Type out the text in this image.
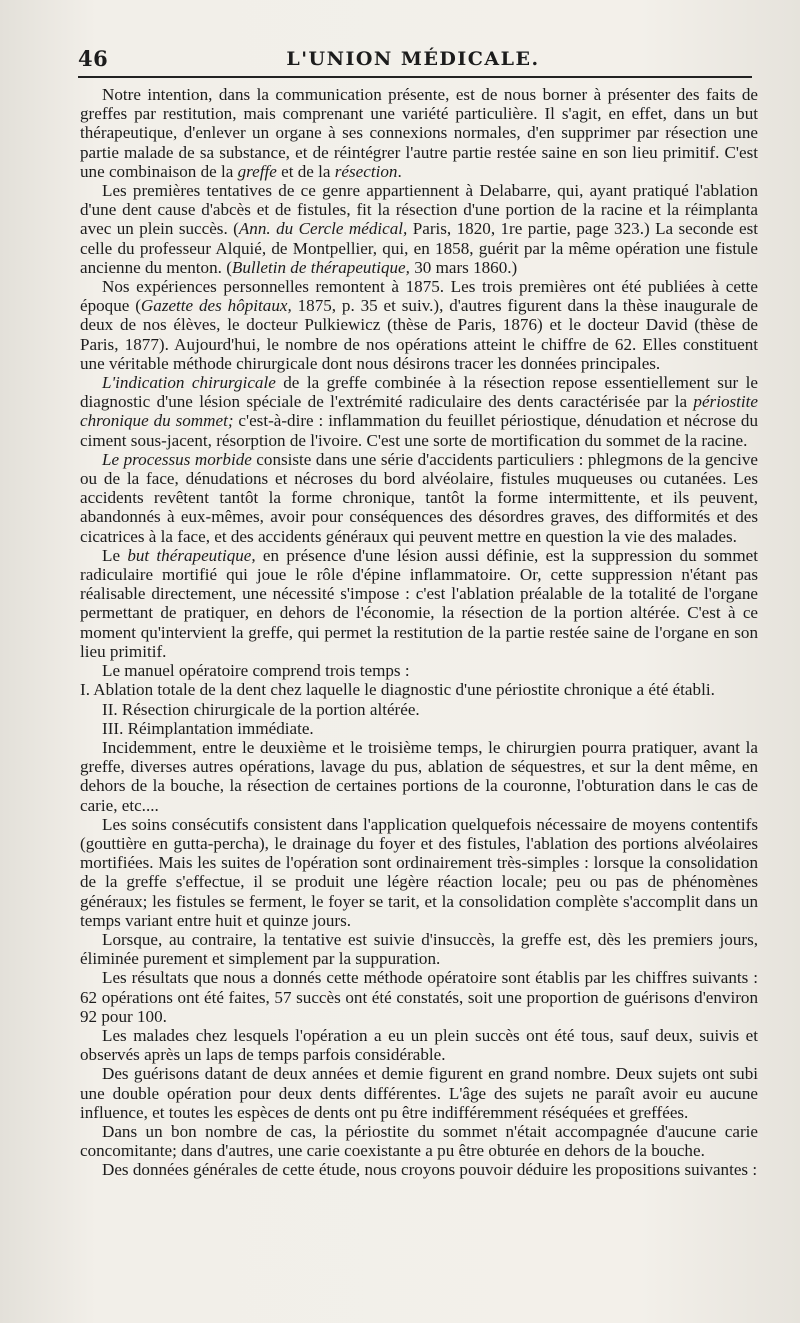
46	L'UNION MÉDICALE.

Notre intention, dans la communication présente, est de nous borner à présenter des faits de greffes par restitution, mais comprenant une variété particulière. Il s'agit, en effet, dans un but thérapeutique, d'enlever un organe à ses connexions normales, d'en supprimer par résection une partie malade de sa substance, et de réintégrer l'autre partie restée saine en son lieu primitif. C'est une combinaison de la greffe et de la résection.

Les premières tentatives de ce genre appartiennent à Delabarre, qui, ayant pratiqué l'ablation d'une dent cause d'abcès et de fistules, fit la résection d'une portion de la racine et la réimplanta avec un plein succès. (Ann. du Cercle médical, Paris, 1820, 1re partie, page 323.) La seconde est celle du professeur Alquié, de Montpellier, qui, en 1858, guérit par la même opération une fistule ancienne du menton. (Bulletin de thérapeutique, 30 mars 1860.)

Nos expériences personnelles remontent à 1875. Les trois premières ont été publiées à cette époque (Gazette des hôpitaux, 1875, p. 35 et suiv.), d'autres figurent dans la thèse inaugurale de deux de nos élèves, le docteur Pulkiewicz (thèse de Paris, 1876) et le docteur David (thèse de Paris, 1877). Aujourd'hui, le nombre de nos opérations atteint le chiffre de 62. Elles constituent une véritable méthode chirurgicale dont nous désirons tracer les données principales.

L'indication chirurgicale de la greffe combinée à la résection repose essentiellement sur le diagnostic d'une lésion spéciale de l'extrémité radiculaire des dents caractérisée par la périostite chronique du sommet; c'est-à-dire : inflammation du feuillet périostique, dénudation et nécrose du ciment sous-jacent, résorption de l'ivoire. C'est une sorte de mortification du sommet de la racine.

Le processus morbide consiste dans une série d'accidents particuliers : phlegmons de la gencive ou de la face, dénudations et nécroses du bord alvéolaire, fistules muqueuses ou cutanées. Les accidents revêtent tantôt la forme chronique, tantôt la forme intermittente, et ils peuvent, abandonnés à eux-mêmes, avoir pour conséquences des désordres graves, des difformités et des cicatrices à la face, et des accidents généraux qui peuvent mettre en question la vie des malades.

Le but thérapeutique, en présence d'une lésion aussi définie, est la suppression du sommet radiculaire mortifié qui joue le rôle d'épine inflammatoire. Or, cette suppression n'étant pas réalisable directement, une nécessité s'impose : c'est l'ablation préalable de la totalité de l'organe permettant de pratiquer, en dehors de l'économie, la résection de la portion altérée. C'est à ce moment qu'intervient la greffe, qui permet la restitution de la partie restée saine de l'organe en son lieu primitif.

Le manuel opératoire comprend trois temps :

I. Ablation totale de la dent chez laquelle le diagnostic d'une périostite chronique a été établi.

II. Résection chirurgicale de la portion altérée.

III. Réimplantation immédiate.

Incidemment, entre le deuxième et le troisième temps, le chirurgien pourra pratiquer, avant la greffe, diverses autres opérations, lavage du pus, ablation de séquestres, et sur la dent même, en dehors de la bouche, la résection de certaines portions de la couronne, l'obturation dans le cas de carie, etc....

Les soins consécutifs consistent dans l'application quelquefois nécessaire de moyens contentifs (gouttière en gutta-percha), le drainage du foyer et des fistules, l'ablation des portions alvéolaires mortifiées. Mais les suites de l'opération sont ordinairement très-simples : lorsque la consolidation de la greffe s'effectue, il se produit une légère réaction locale; peu ou pas de phénomènes généraux; les fistules se ferment, le foyer se tarit, et la consolidation complète s'accomplit dans un temps variant entre huit et quinze jours.

Lorsque, au contraire, la tentative est suivie d'insuccès, la greffe est, dès les premiers jours, éliminée purement et simplement par la suppuration.

Les résultats que nous a donnés cette méthode opératoire sont établis par les chiffres suivants : 62 opérations ont été faites, 57 succès ont été constatés, soit une proportion de guérisons d'environ 92 pour 100.

Les malades chez lesquels l'opération a eu un plein succès ont été tous, sauf deux, suivis et observés après un laps de temps parfois considérable.

Des guérisons datant de deux années et demie figurent en grand nombre. Deux sujets ont subi une double opération pour deux dents différentes. L'âge des sujets ne paraît avoir eu aucune influence, et toutes les espèces de dents ont pu être indifféremment réséquées et greffées.

Dans un bon nombre de cas, la périostite du sommet n'était accompagnée d'aucune carie concomitante; dans d'autres, une carie coexistante a pu être obturée en dehors de la bouche.

Des données générales de cette étude, nous croyons pouvoir déduire les propositions suivantes :
